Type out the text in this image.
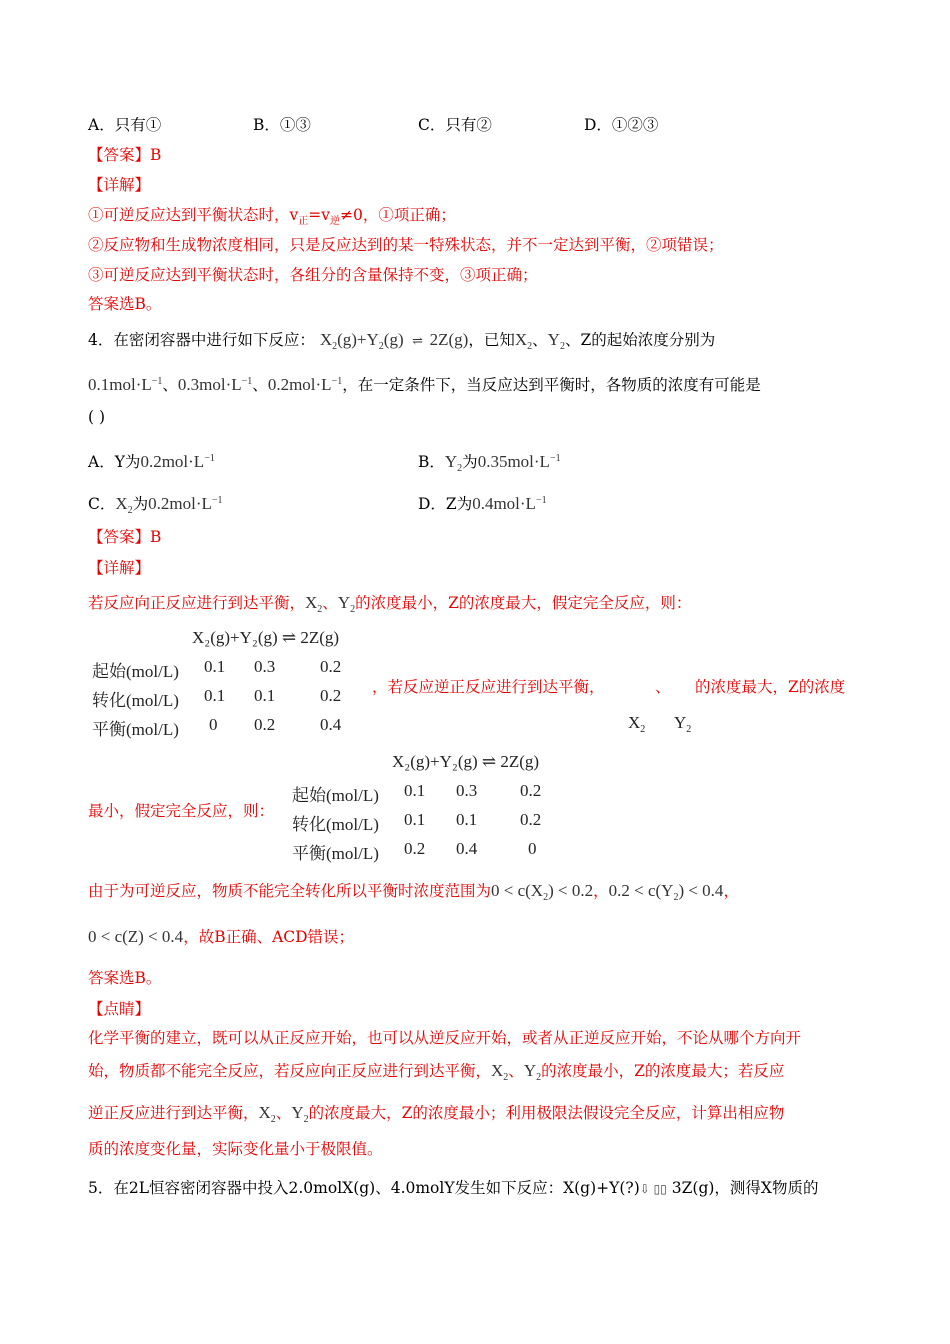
A．只有①	B．①③	C．只有②	D．①②③
【答案】B
【详解】
①可逆反应达到平衡状态时，$v_正=v_逆\ne 0$，①项正确；
②反应物和生成物浓度相同，只是反应达到的某一特殊状态，并不一定达到平衡，②项错误；
③可逆反应达到平衡状态时，各组分的含量保持不变，③项正确；
答案选B。
4．在密闭容器中进行如下反应： $X_2(g)+Y_2(g)$ ⇌ 2Z(g)，已知$X_2$、$Y_2$、Z的起始浓度分别为
$0.1mol\cdot L^{-1}$、$0.3mol\cdot L^{-1}$、$0.2mol\cdot L^{-1}$，在一定条件下，当反应达到平衡时，各物质的浓度有可能是
( )
A．Y为$0.2mol\cdot L^{-1}$	B．$Y_2$为$0.35mol\cdot L^{-1}$
C．$X_2$为$0.2mol\cdot L^{-1}$	D．Z为$0.4mol\cdot L^{-1}$
【答案】B
【详解】
若反应向正反应进行到达平衡，$X_2$、$Y_2$的浓度最小，Z的浓度最大，假定完全反应，则：
X₂(g)+Y₂(g) ⇌ 2Z(g)
起始(mol/L) 0.1 0.3	0.2
转化(mol/L) 0.1 0.1	0.2
平衡(mol/L) 0 0.2	0.4
，若反应逆正反应进行到达平衡，	、 的浓度最大，Z的浓度
$X_2$ $Y_2$
X₂(g)+Y₂(g) ⇌ 2Z(g)
起始(mol/L) 0.1 0.3	0.2
转化(mol/L) 0.1 0.1	0.2
平衡(mol/L) 0.2 0.4	0
最小，假定完全反应，则：
由于为可逆反应，物质不能完全转化所以平衡时浓度范围为$0 < c(X_2) < 0.2$，$0.2 < c(Y_2) < 0.4$，
0 < c(Z) < 0.4，故B正确、ACD错误；
答案选B。
【点睛】
化学平衡的建立，既可以从正反应开始，也可以从逆反应开始，或者从正逆反应开始，不论从哪个方向开
始，物质都不能完全反应，若反应向正反应进行到达平衡，$X_2$、$Y_2$的浓度最小，Z的浓度最大；若反应
逆正反应进行到达平衡，$X_2$、$Y_2$的浓度最大，Z的浓度最小；利用极限法假设完全反应，计算出相应物
质的浓度变化量，实际变化量小于极限值。
5．在2L恒容密闭容器中投入2.0molX(g)、4.0molY发生如下反应：X(g)+Y(?)⇩ ▯▯ 3Z(g)，测得X物质的
